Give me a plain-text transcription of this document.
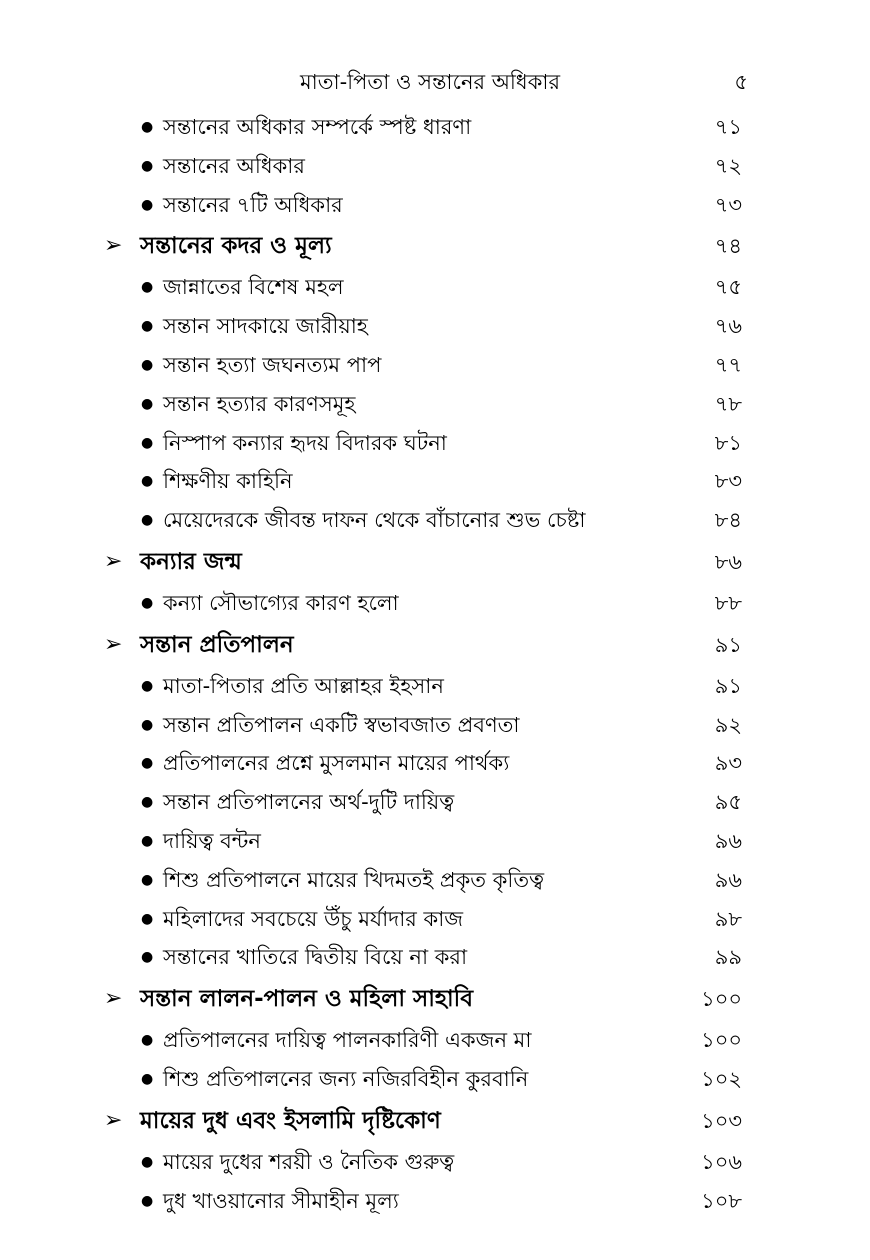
মাতা-পিতা ও সন্তানের অধিকার	৫
● সন্তানের অধিকার সম্পর্কে স্পষ্ট ধারণা	৭১
● সন্তানের অধিকার	৭২
● সন্তানের ৭টি অধিকার	৭৩
➢ সন্তানের কদর ও মূল্য	৭৪
● জান্নাতের বিশেষ মহল	৭৫
● সন্তান সাদকায়ে জারীয়াহ	৭৬
● সন্তান হত্যা জঘনত্যম পাপ	৭৭
● সন্তান হত্যার কারণসমূহ	৭৮
● নিস্পাপ কন্যার হৃদয় বিদারক ঘটনা	৮১
● শিক্ষণীয় কাহিনি	৮৩
● মেয়েদেরকে জীবন্ত দাফন থেকে বাঁচানোর শুভ চেষ্টা	৮৪
➢ কন্যার জন্ম	৮৬
● কন্যা সৌভাগ্যের কারণ হলো	৮৮
➢ সন্তান প্রতিপালন	৯১
● মাতা-পিতার প্রতি আল্লাহর ইহসান	৯১
● সন্তান প্রতিপালন একটি স্বভাবজাত প্রবণতা	৯২
● প্রতিপালনের প্রশ্নে মুসলমান মায়ের পার্থক্য	৯৩
● সন্তান প্রতিপালনের অর্থ-দুটি দায়িত্ব	৯৫
● দায়িত্ব বন্টন	৯৬
● শিশু প্রতিপালনে মায়ের খিদমতই প্রকৃত কৃতিত্ব	৯৬
● মহিলাদের সবচেয়ে উঁচু মর্যাদার কাজ	৯৮
● সন্তানের খাতিরে দ্বিতীয় বিয়ে না করা	৯৯
➢ সন্তান লালন-পালন ও মহিলা সাহাবি	১০০
● প্রতিপালনের দায়িত্ব পালনকারিণী একজন মা	১০০
● শিশু প্রতিপালনের জন্য নজিরবিহীন কুরবানি	১০২
➢ মায়ের দুধ এবং ইসলামি দৃষ্টিকোণ	১০৩
● মায়ের দুধের শরয়ী ও নৈতিক গুরুত্ব	১০৬
● দুধ খাওয়ানোর সীমাহীন মূল্য	১০৮
